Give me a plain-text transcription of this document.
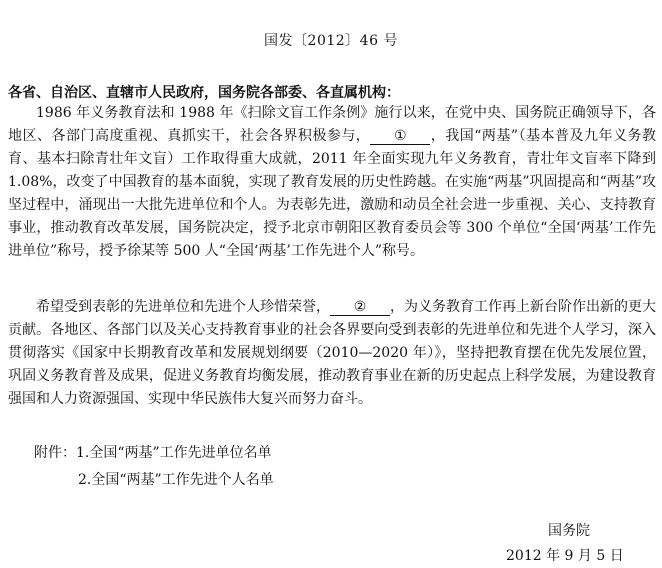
国发〔2012〕46 号
各省、自治区、直辖市人民政府，国务院各部委、各直属机构：

1986 年义务教育法和 1988 年《扫除文盲工作条例》施行以来，在党中央、国务院正确领导下，各地区、各部门高度重视、真抓实干，社会各界积极参与， ① ，我国“两基”（基本普及九年义务教育、基本扫除青壮年文盲）工作取得重大成就，2011 年全面实现九年义务教育，青壮年文盲率下降到 1.08%，改变了中国教育的基本面貌，实现了教育发展的历史性跨越。在实施“两基”巩固提高和“两基”攻坚过程中，涌现出一大批先进单位和个人。为表彰先进，激励和动员全社会进一步重视、关心、支持教育事业，推动教育改革发展，国务院决定，授予北京市朝阳区教育委员会等 300 个单位“全国‘两基’工作先进单位”称号，授予徐某等 500 人“全国‘两基’工作先进个人”称号。

希望受到表彰的先进单位和先进个人珍惜荣誉， ② ，为义务教育工作再上新台阶作出新的更大贡献。各地区、各部门以及关心支持教育事业的社会各界要向受到表彰的先进单位和先进个人学习，深入贯彻落实《国家中长期教育改革和发展规划纲要（2010—2020 年）》，坚持把教育摆在优先发展位置，巩固义务教育普及成果，促进义务教育均衡发展，推动教育事业在新的历史起点上科学发展，为建设教育强国和人力资源强国、实现中华民族伟大复兴而努力奋斗。

附件：1.全国“两基”工作先进单位名单
2.全国“两基”工作先进个人名单
国务院
2012 年 9 月 5 日
